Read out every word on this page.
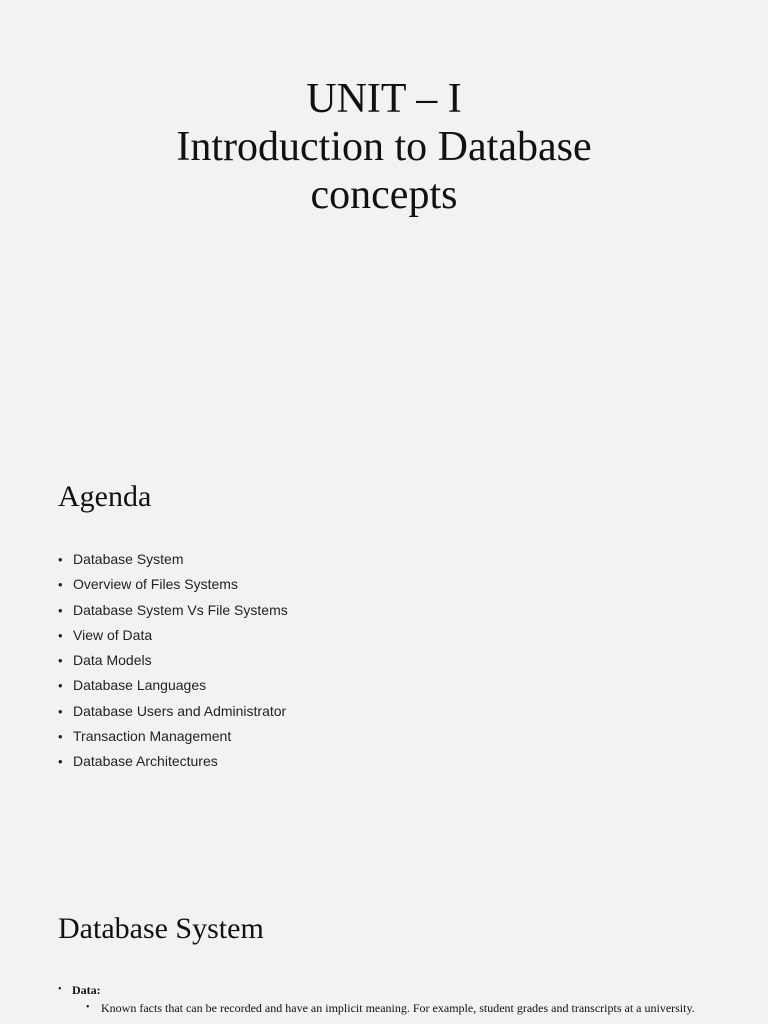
UNIT – I
Introduction to Database
concepts
Agenda
• Database System
• Overview of Files Systems
• Database System Vs File Systems
• View of Data
• Data Models
• Database Languages
• Database Users and Administrator
• Transaction Management
• Database Architectures
Database System
• Data:
• Known facts that can be recorded and have an implicit meaning. For example, student grades and transcripts at a university.
